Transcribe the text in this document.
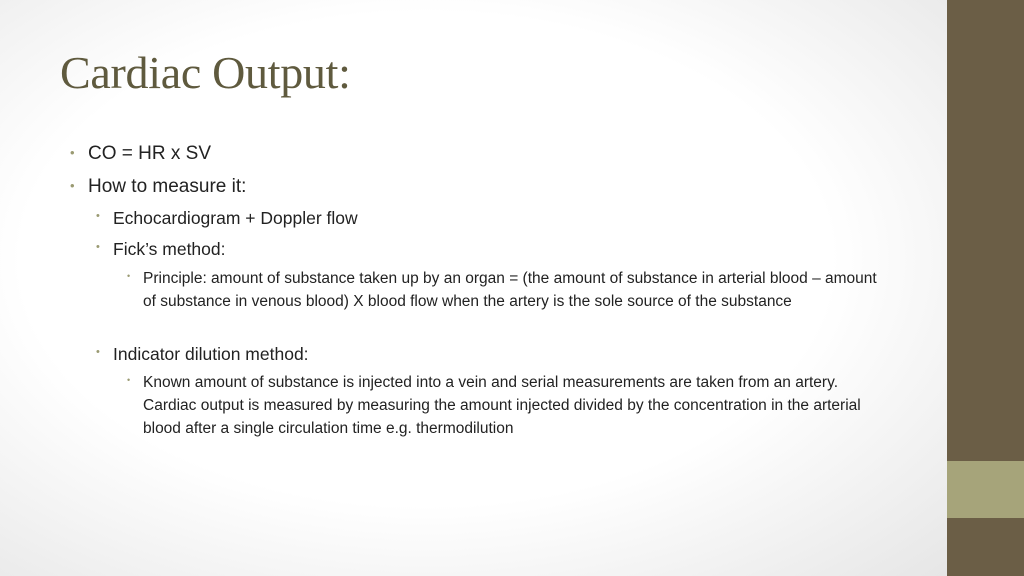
Cardiac Output:
• CO = HR x SV
• How to measure it:
• Echocardiogram + Doppler flow
• Fick’s method:
• Principle: amount of substance taken up by an organ = (the amount of substance in arterial blood – amount of substance in venous blood) X blood flow when the artery is the sole source of the substance
• Indicator dilution method:
• Known amount of substance is injected into a vein and serial measurements are taken from an artery. Cardiac output is measured by measuring the amount injected divided by the concentration in the arterial blood after a single circulation time e.g. thermodilution
